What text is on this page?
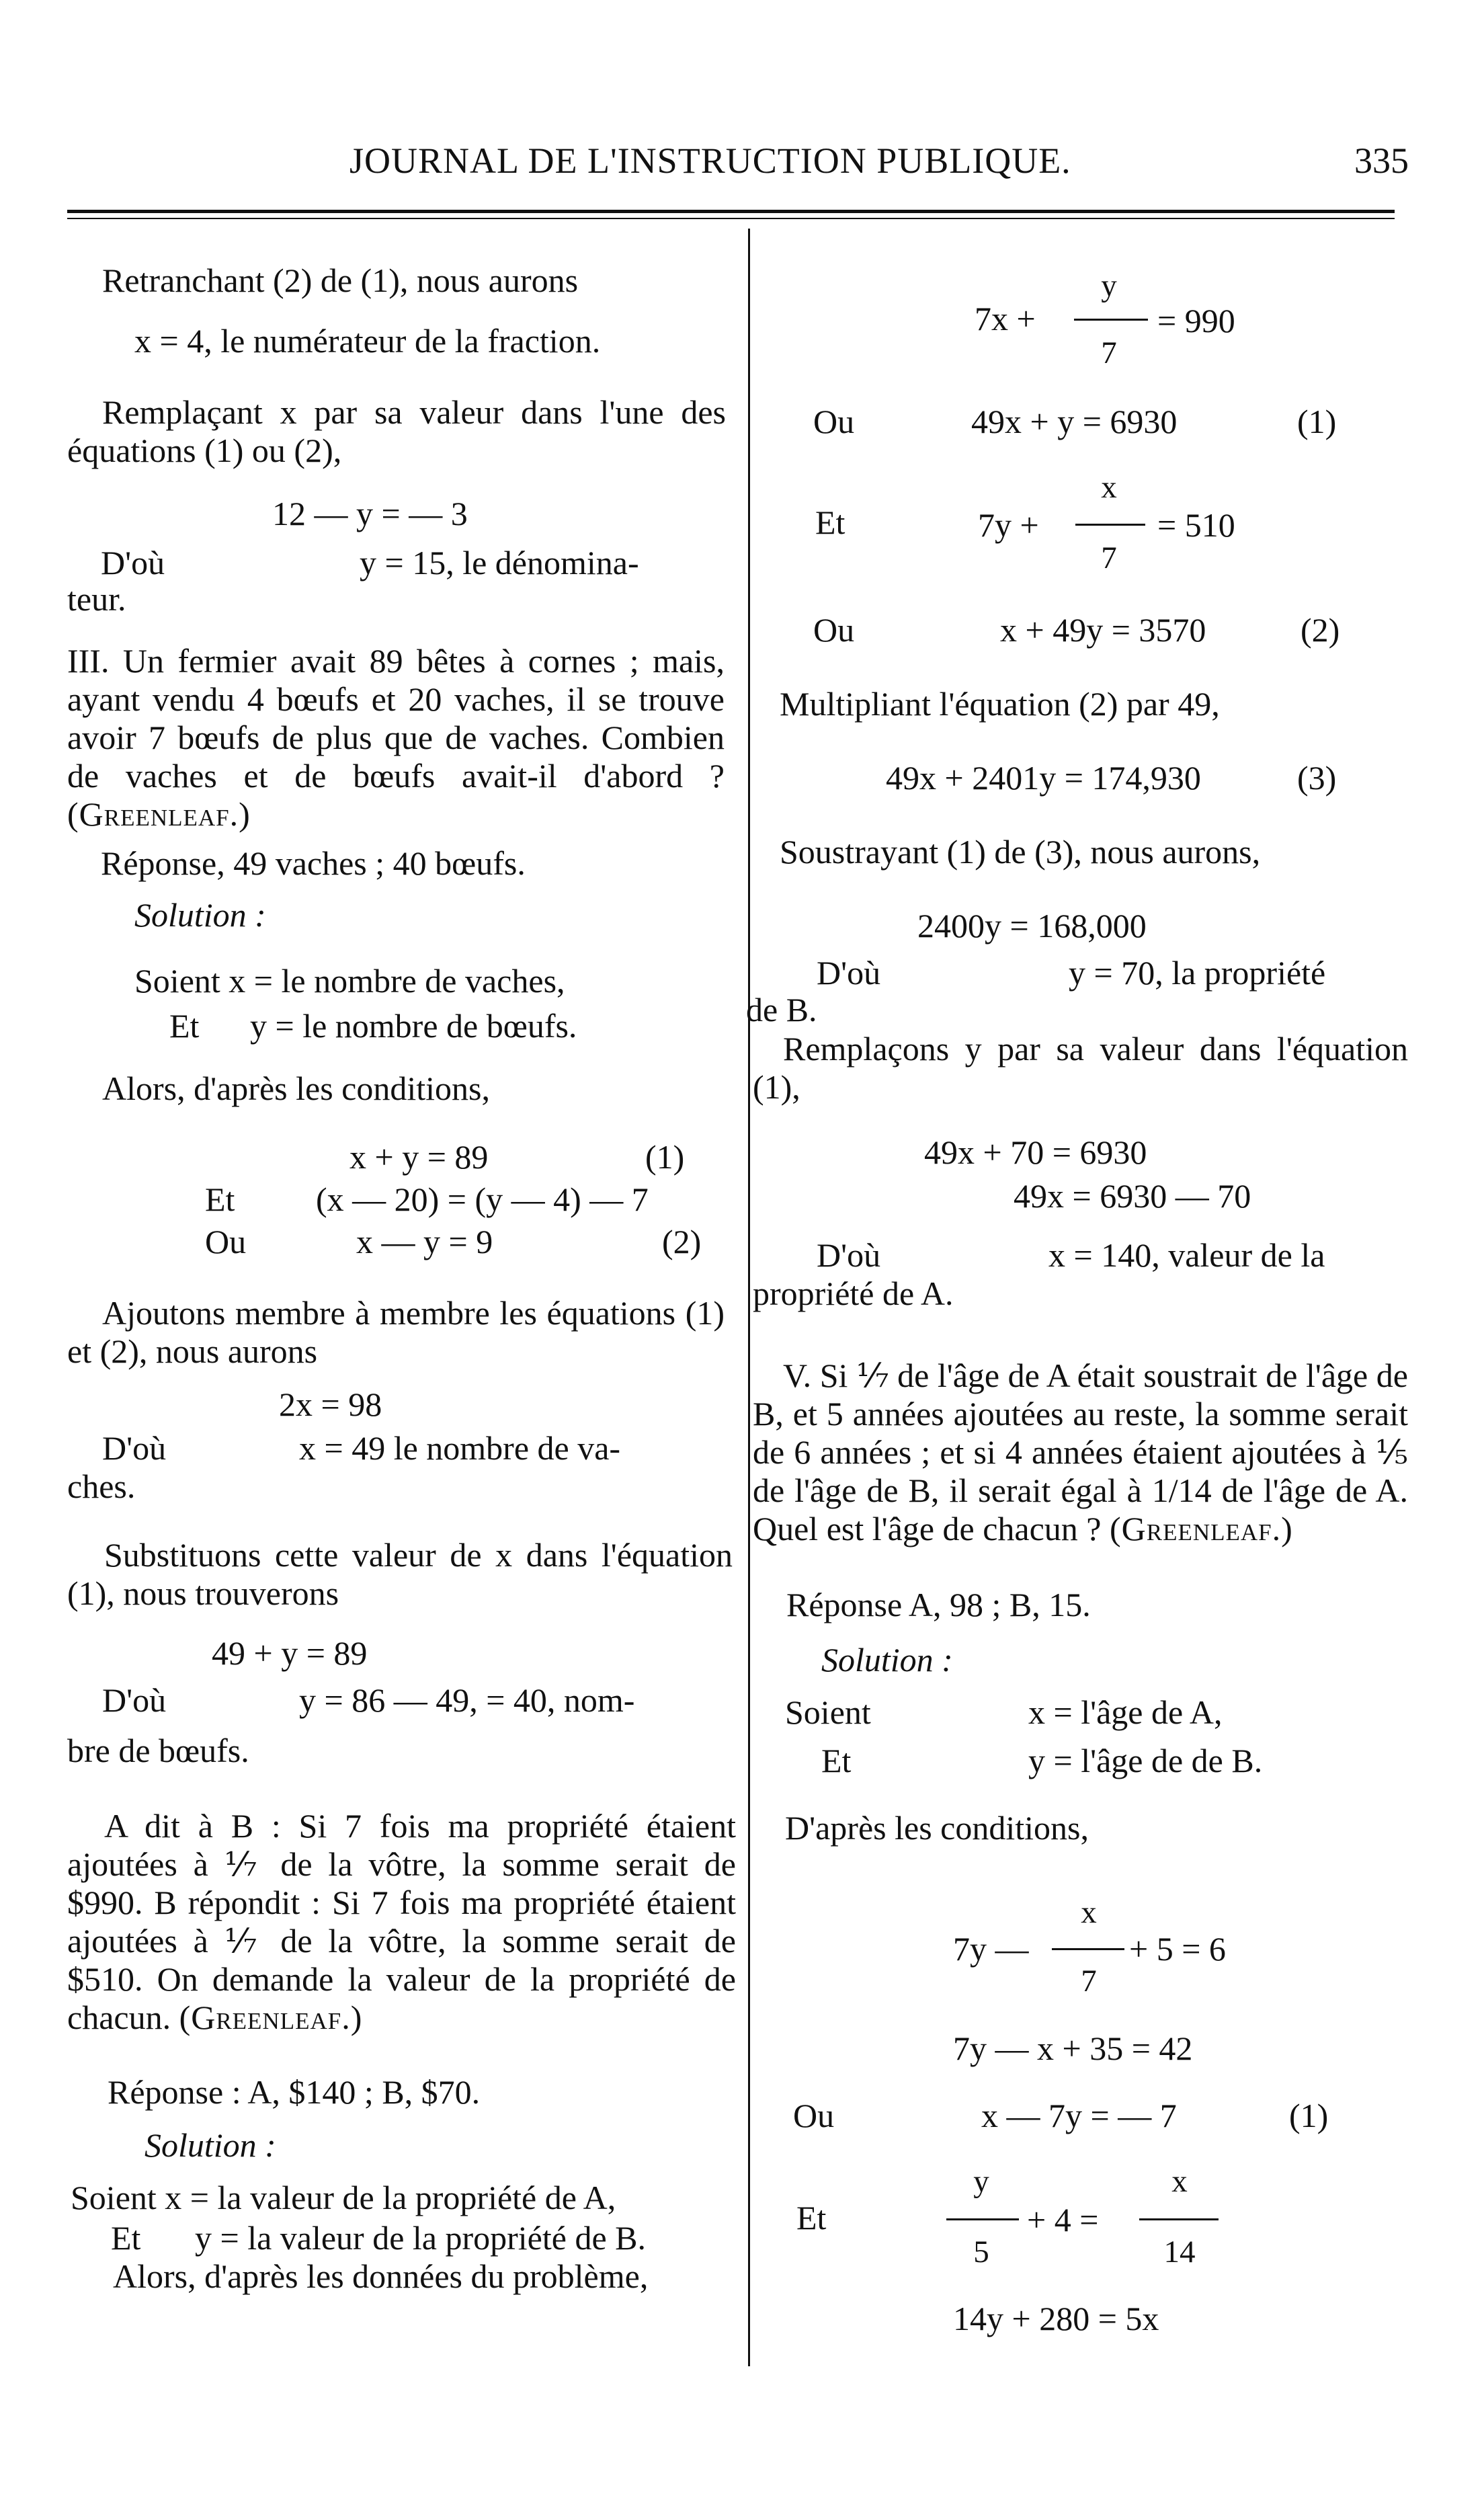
JOURNAL DE L'INSTRUCTION PUBLIQUE.	335
Retranchant (2) de (1), nous aurons
x = 4, le numérateur de la fraction.
Remplaçant x par sa valeur dans l'une des équations (1) ou (2),
12 — y = — 3
D'où	y = 15, le dénomina-
teur.
III. Un fermier avait 89 bêtes à cornes ; mais, ayant vendu 4 bœufs et 20 vaches, il se trouve avoir 7 bœufs de plus que de vaches. Combien de vaches et de bœufs avait-il d'abord ? (Greenleaf.)
Réponse, 49 vaches ; 40 bœufs.
Solution :
Soient x = le nombre de vaches,
Et y = le nombre de bœufs.
Alors, d'après les conditions,
x + y = 89	(1)
Et (x — 20) = (y — 4) — 7
Ou	x — y = 9	(2)
Ajoutons membre à membre les équations (1) et (2), nous aurons
2x = 98
D'où	x = 49 le nombre de va-
ches.
Substituons cette valeur de x dans l'équation (1), nous trouverons
49 + y = 89
D'où	y = 86 — 49, = 40, nom-
bre de bœufs.
A dit à B : Si 7 fois ma propriété étaient ajoutées à ⅐ de la vôtre, la somme serait de $990. B répondit : Si 7 fois ma propriété étaient ajoutées à ⅐ de la vôtre, la somme serait de $510. On demande la valeur de la propriété de chacun. (Greenleaf.)
Réponse : A, $140 ; B, $70.
Solution :
Soient x = la valeur de la propriété de A,
Et y = la valeur de la propriété de B.
Alors, d'après les données du problème,
7x +
y
7
= 990
Ou	49x + y = 6930	(1)
Et	7y +
x
7
= 510
Ou	x + 49y = 3570	(2)
Multipliant l'équation (2) par 49,
49x + 2401y = 174,930	(3)
Soustrayant (1) de (3), nous aurons,
2400y = 168,000
D'où	y = 70, la propriété
de B.
Remplaçons y par sa valeur dans l'équation (1),
49x + 70 = 6930
49x = 6930 — 70
D'où	x = 140, valeur de la
propriété de A.
V. Si ⅐ de l'âge de A était soustrait de l'âge de B, et 5 années ajoutées au reste, la somme serait de 6 années ; et si 4 années étaient ajoutées à ⅕ de l'âge de B, il serait égal à 1/14 de l'âge de A. Quel est l'âge de chacun ? (Greenleaf.)
Réponse A, 98 ; B, 15.
Solution :
Soient	x = l'âge de A,
Et	y = l'âge de de B.
D'après les conditions,
7y —
x
7
+ 5 = 6
7y — x + 35 = 42
Ou	x — 7y = — 7	(1)
Et
y
5
+ 4 =
x
14
14y + 280 = 5x
